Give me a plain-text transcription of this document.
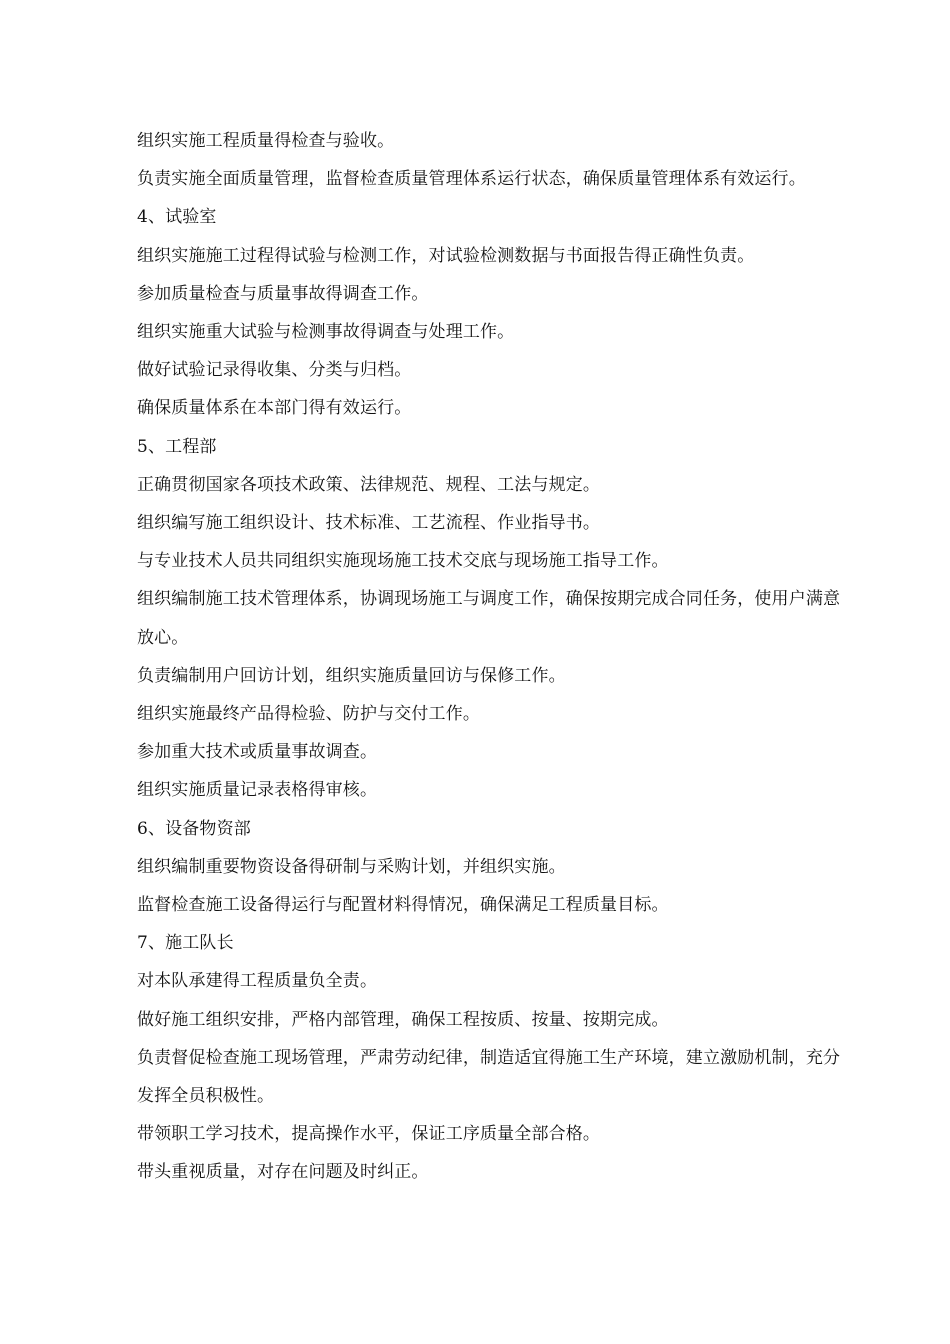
组织实施工程质量得检查与验收。

负责实施全面质量管理，监督检查质量管理体系运行状态，确保质量管理体系有效运行。

4、试验室

组织实施施工过程得试验与检测工作，对试验检测数据与书面报告得正确性负责。

参加质量检查与质量事故得调查工作。

组织实施重大试验与检测事故得调查与处理工作。

做好试验记录得收集、分类与归档。

确保质量体系在本部门得有效运行。

5、工程部

正确贯彻国家各项技术政策、法律规范、规程、工法与规定。

组织编写施工组织设计、技术标准、工艺流程、作业指导书。

与专业技术人员共同组织实施现场施工技术交底与现场施工指导工作。

组织编制施工技术管理体系，协调现场施工与调度工作，确保按期完成合同任务，使用户满意放心。

负责编制用户回访计划，组织实施质量回访与保修工作。

组织实施最终产品得检验、防护与交付工作。

参加重大技术或质量事故调查。

组织实施质量记录表格得审核。

6、设备物资部

组织编制重要物资设备得研制与采购计划，并组织实施。

监督检查施工设备得运行与配置材料得情况，确保满足工程质量目标。

7、施工队长

对本队承建得工程质量负全责。

做好施工组织安排，严格内部管理，确保工程按质、按量、按期完成。

负责督促检查施工现场管理，严肃劳动纪律，制造适宜得施工生产环境，建立激励机制，充分发挥全员积极性。

带领职工学习技术，提高操作水平，保证工序质量全部合格。

带头重视质量，对存在问题及时纠正。
